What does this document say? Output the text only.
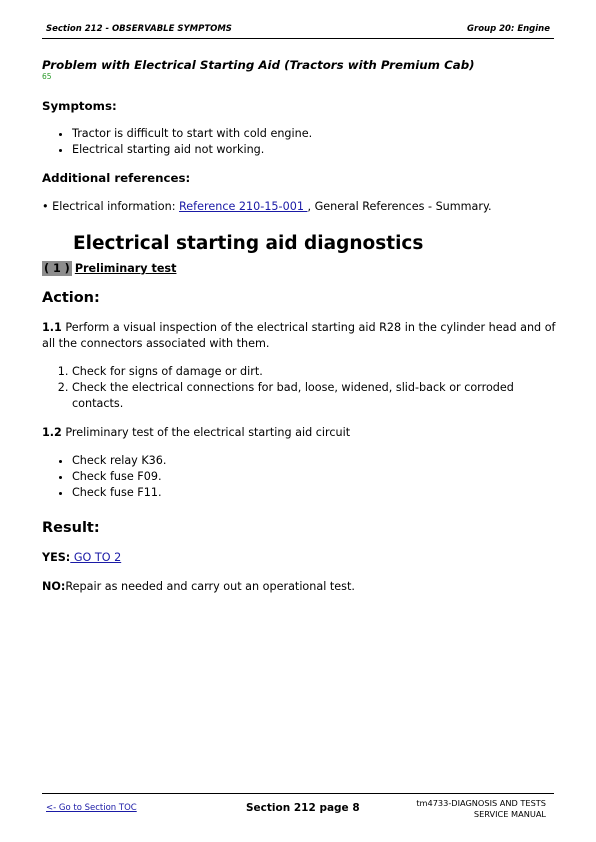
Section 212 - OBSERVABLE SYMPTOMS	Group 20: Engine
Problem with Electrical Starting Aid (Tractors with Premium Cab)
65
Symptoms:
• Tractor is difficult to start with cold engine.
• Electrical starting aid not working.
Additional references:
• Electrical information: Reference 210-15-001 , General References - Summary.
Electrical starting aid diagnostics
( 1 ) Preliminary test
Action:
1.1 Perform a visual inspection of the electrical starting aid R28 in the cylinder head and of all the connectors associated with them.
1. Check for signs of damage or dirt.
2. Check the electrical connections for bad, loose, widened, slid-back or corroded contacts.
1.2 Preliminary test of the electrical starting aid circuit
• Check relay K36.
• Check fuse F09.
• Check fuse F11.
Result:
YES: GO TO 2
NO:Repair as needed and carry out an operational test.
<- Go to Section TOC	Section 212 page 8	tm4733-DIAGNOSIS AND TESTS
SERVICE MANUAL
